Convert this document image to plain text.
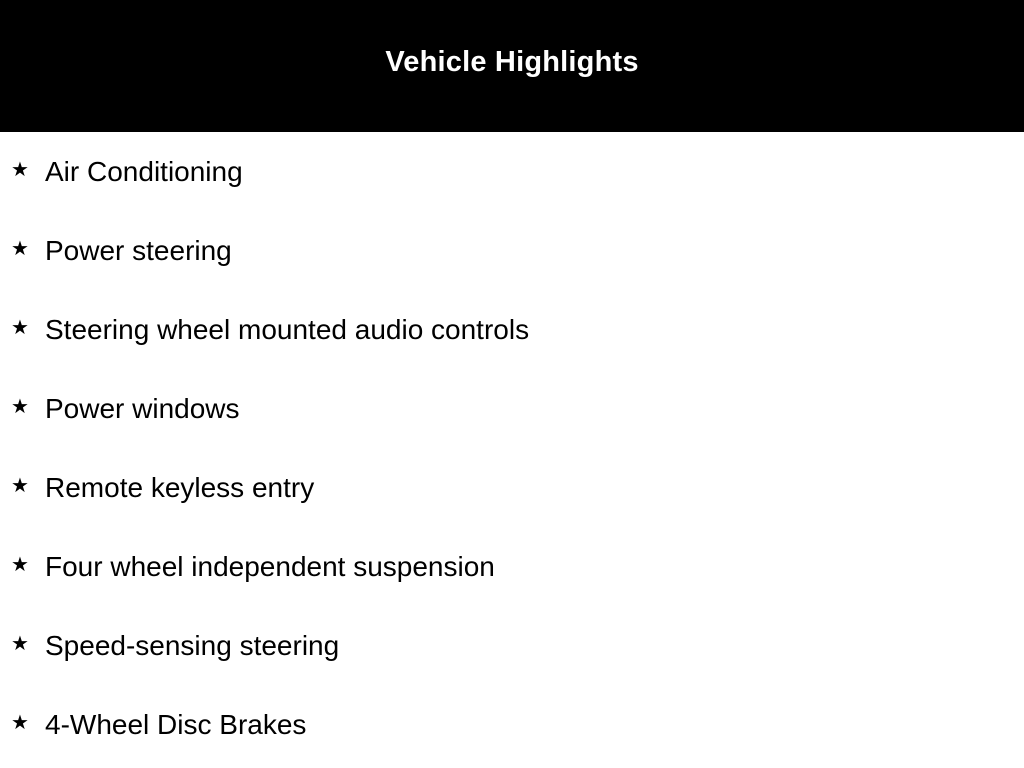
Vehicle Highlights
★ Air Conditioning
★ Power steering
★ Steering wheel mounted audio controls
★ Power windows
★ Remote keyless entry
★ Four wheel independent suspension
★ Speed-sensing steering
★ 4-Wheel Disc Brakes
